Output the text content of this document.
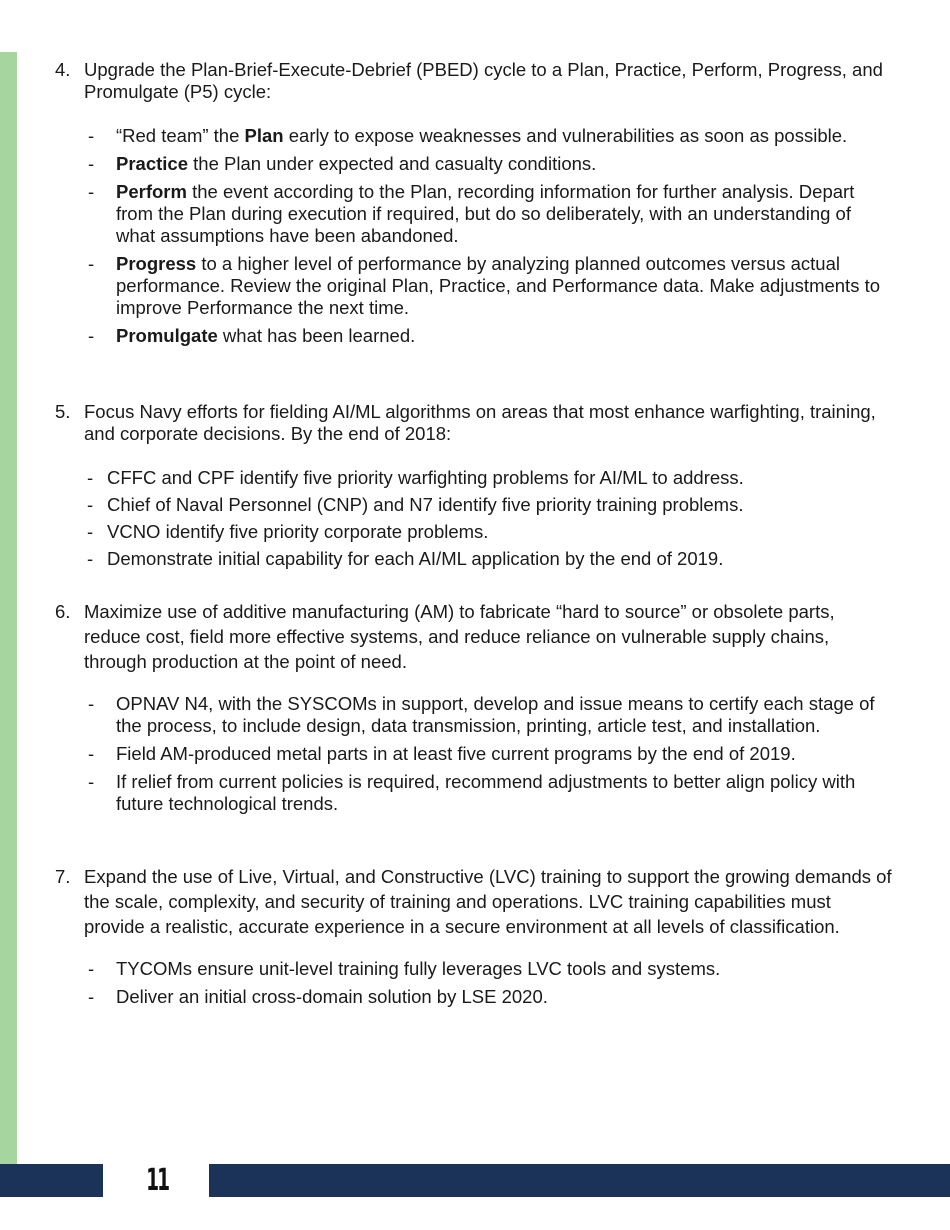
4. Upgrade the Plan-Brief-Execute-Debrief (PBED) cycle to a Plan, Practice, Perform, Progress, and Promulgate (P5) cycle:
-	“Red team” the Plan early to expose weaknesses and vulnerabilities as soon as possible.
-	Practice the Plan under expected and casualty conditions.
-	Perform the event according to the Plan, recording information for further analysis. Depart from the Plan during execution if required, but do so deliberately, with an understanding of what assumptions have been abandoned.
-	Progress to a higher level of performance by analyzing planned outcomes versus actual performance. Review the original Plan, Practice, and Performance data. Make adjustments to improve Performance the next time.
-	Promulgate what has been learned.
5. Focus Navy efforts for fielding AI/ML algorithms on areas that most enhance warfighting, training, and corporate decisions. By the end of 2018:
- CFFC and CPF identify five priority warfighting problems for AI/ML to address.
- Chief of Naval Personnel (CNP) and N7 identify five priority training problems.
- VCNO identify five priority corporate problems.
- Demonstrate initial capability for each AI/ML application by the end of 2019.
6. Maximize use of additive manufacturing (AM) to fabricate “hard to source” or obsolete parts, reduce cost, field more effective systems, and reduce reliance on vulnerable supply chains, through production at the point of need.
-	OPNAV N4, with the SYSCOMs in support, develop and issue means to certify each stage of the process, to include design, data transmission, printing, article test, and installation.
-	Field AM-produced metal parts in at least five current programs by the end of 2019.
-	If relief from current policies is required, recommend adjustments to better align policy with future technological trends.
7. Expand the use of Live, Virtual, and Constructive (LVC) training to support the growing demands of the scale, complexity, and security of training and operations. LVC training capabilities must provide a realistic, accurate experience in a secure environment at all levels of classification.
-	TYCOMs ensure unit-level training fully leverages LVC tools and systems.
-	Deliver an initial cross-domain solution by LSE 2020.
11
